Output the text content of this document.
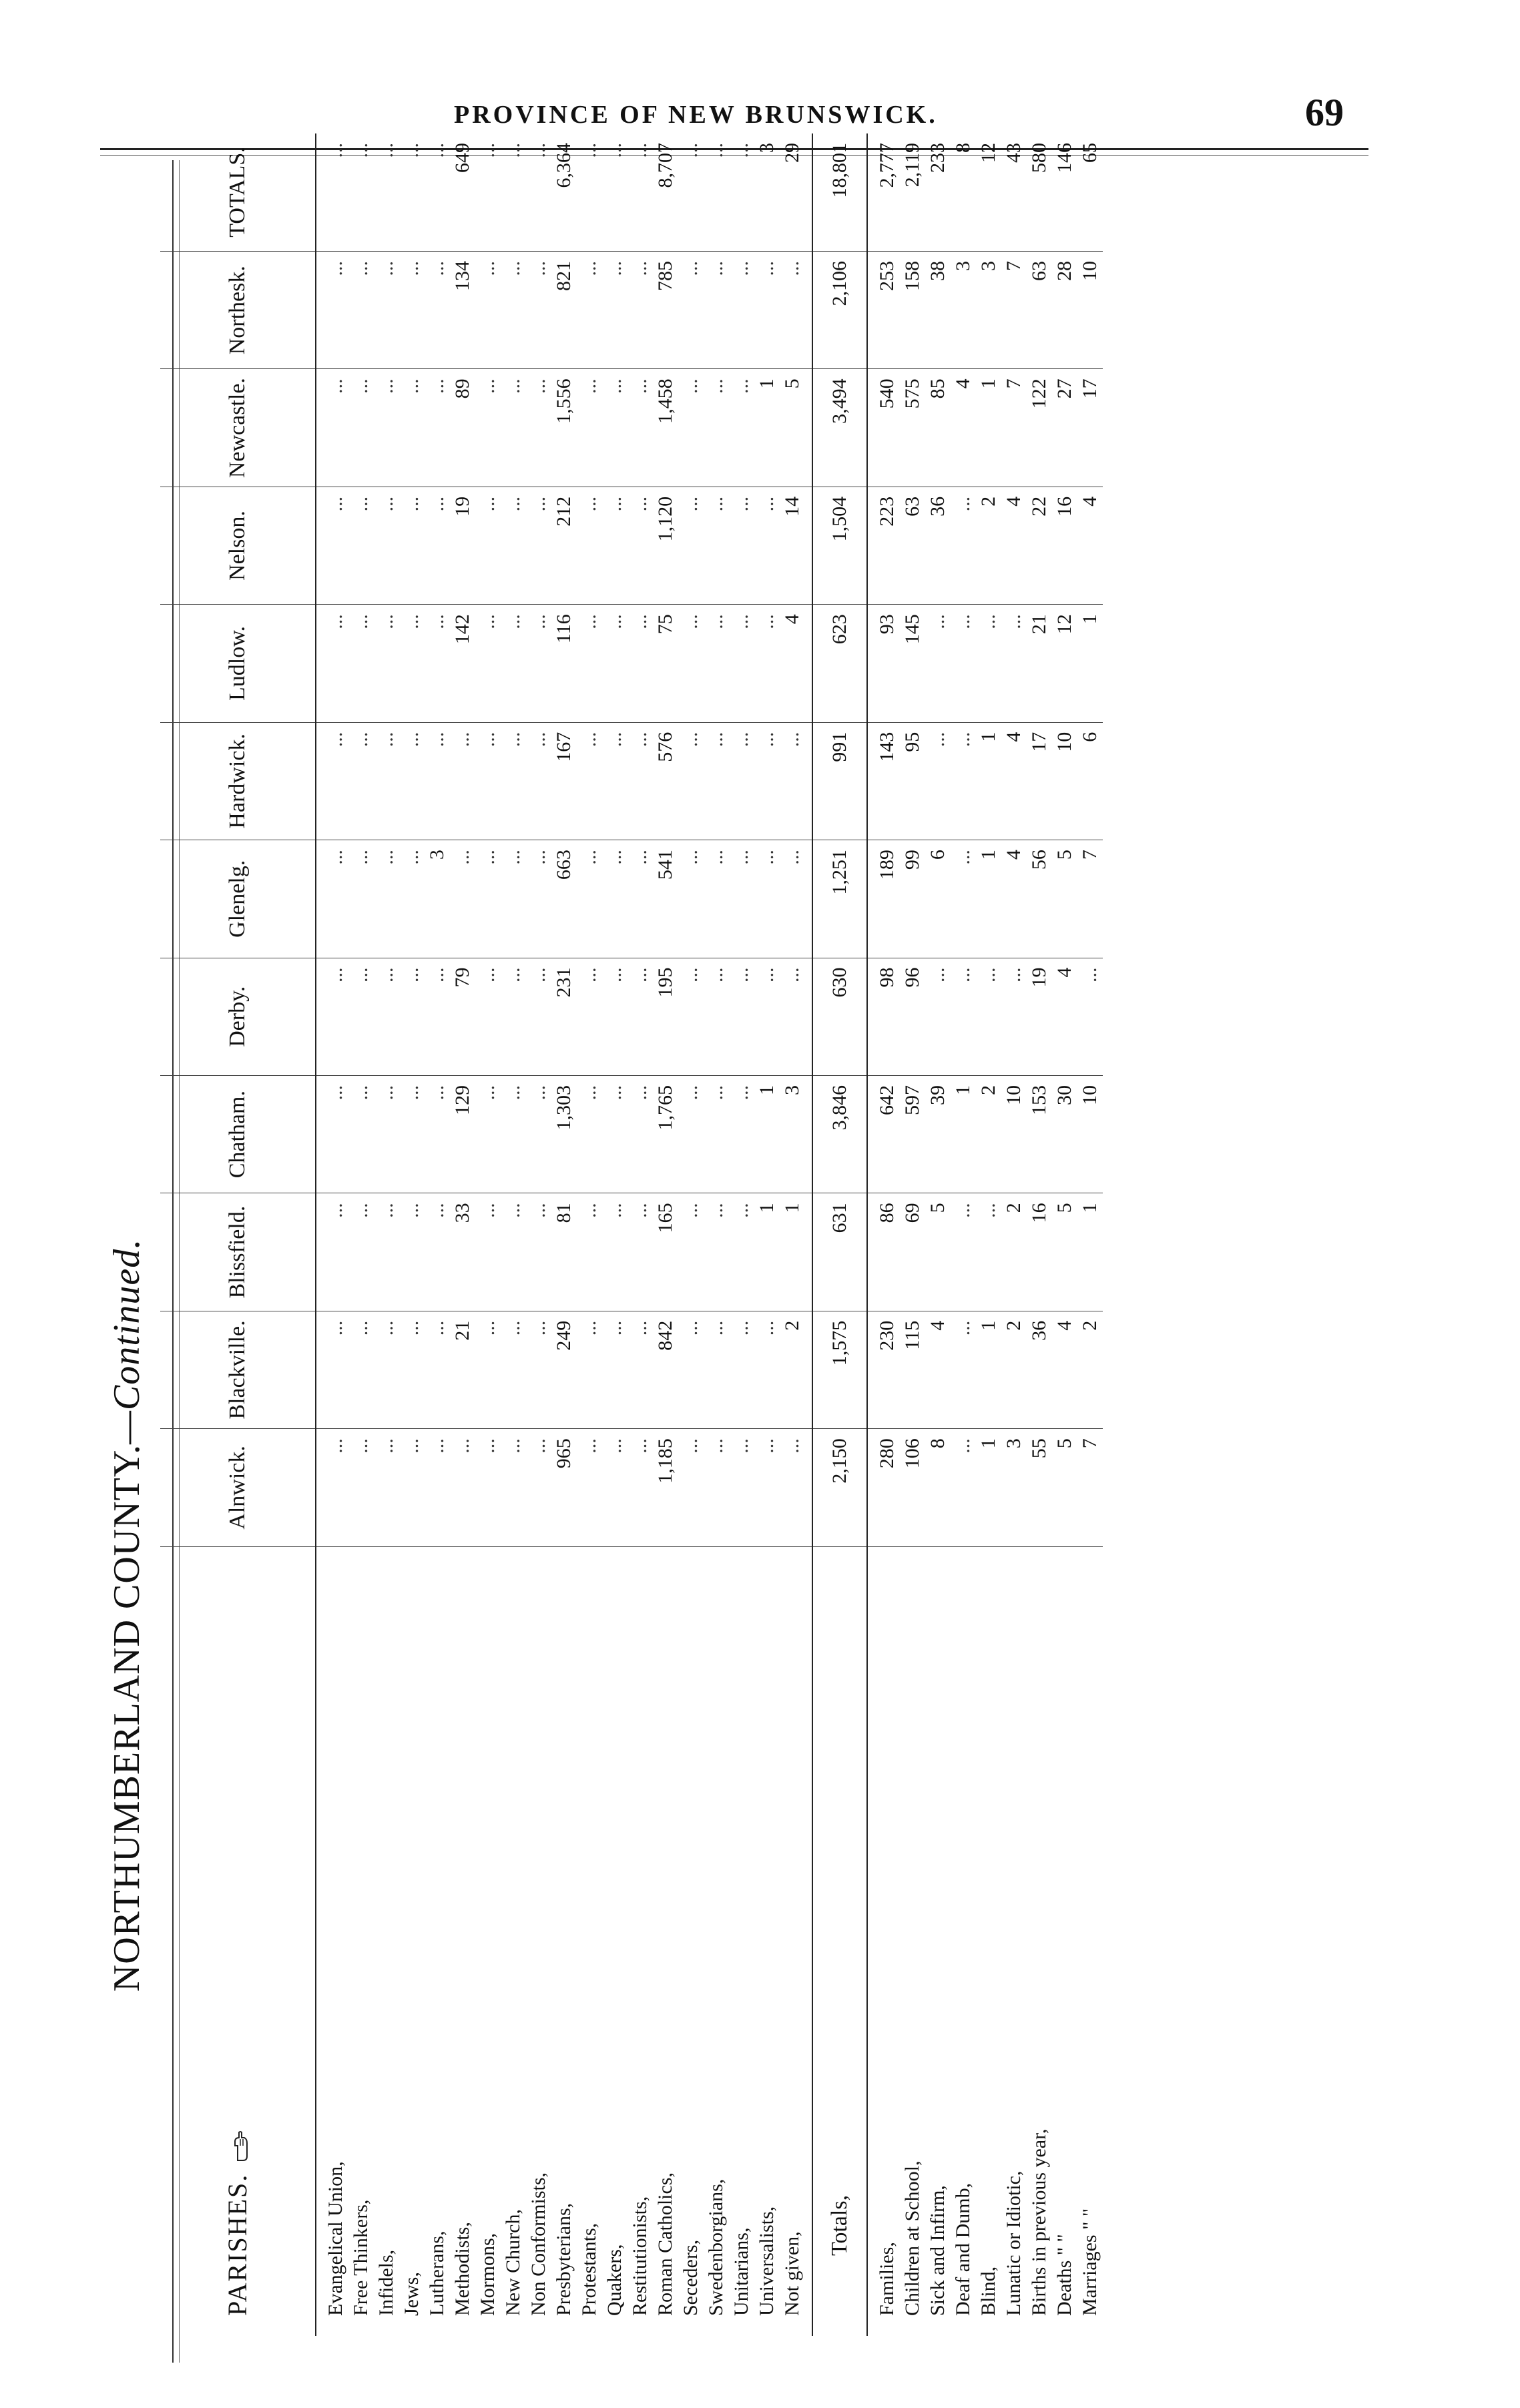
PROVINCE OF NEW BRUNSWICK.	69
NORTHUMBERLAND COUNTY.—Continued.
PARISHES.	Alnwick.	Blackville.	Blissfield.	Chatham.	Derby.	Glenelg.	Hardwick.	Ludlow.	Nelson.	Newcastle.	Northesk.	TOTALS.

Evangelical Union,	...	...	...	...	...	...	...	...	...	...	...	...
Free Thinkers,	...	...	...	...	...	...	...	...	...	...	...	...
Infidels,	...	...	...	...	...	...	...	...	...	...	...	...
Jews,	...	...	...	...	...	...	...	...	...	...	...	...
Lutherans,	...	...	...	...	...	3	...	...	...	...	...	...
Methodists,	...	21	33	129	79	...	...	142	19	89	134	649
Mormons,	...	...	...	...	...	...	...	...	...	...	...	...
New Church,	...	...	...	...	...	...	...	...	...	...	...	...
Non Conformists,	...	...	...	...	...	...	...	...	...	...	...	...
Presbyterians,	965	249	81	1,303	231	663	167	116	212	1,556	821	6,364
Protestants,	...	...	...	...	...	...	...	...	...	...	...	...
Quakers,	...	...	...	...	...	...	...	...	...	...	...	...
Restitutionists,	...	...	...	...	...	...	...	...	...	...	...	...
Roman Catholics,	1,185	842	165	1,765	195	541	576	75	1,120	1,458	785	8,707
Seceders,	...	...	...	...	...	...	...	...	...	...	...	...
Swedenborgians,	...	...	...	...	...	...	...	...	...	...	...	...
Unitarians,	...	...	...	...	...	...	...	...	...	...	...	...
Universalists,	...	...	1	1	...	...	...	...	...	1	...	3
Not given,	...	2	1	3	...	...	...	4	14	5	...	29

Totals,	2,150	1,575	631	3,846	630	1,251	991	623	1,504	3,494	2,106	18,801

Families,	280	230	86	642	98	189	143	93	223	540	253	2,777
Children at School,	106	115	69	597	96	99	95	145	63	575	158	2,119
Sick and Infirm,	8	4	5	39	...	6	...	...	36	85	38	233
Deaf and Dumb,	...	...	...	1	...	...	...	...	...	4	3	8
Blind,	1	1	...	2	...	1	1	...	2	1	3	12
Lunatic or Idiotic,	3	2	2	10	...	4	4	...	4	7	7	43
Births in previous year,	55	36	16	153	19	56	17	21	22	122	63	580
Deaths " "	5	4	5	30	4	5	10	12	16	27	28	146
Marriages " "	7	2	1	10	...	7	6	1	4	17	10	65
